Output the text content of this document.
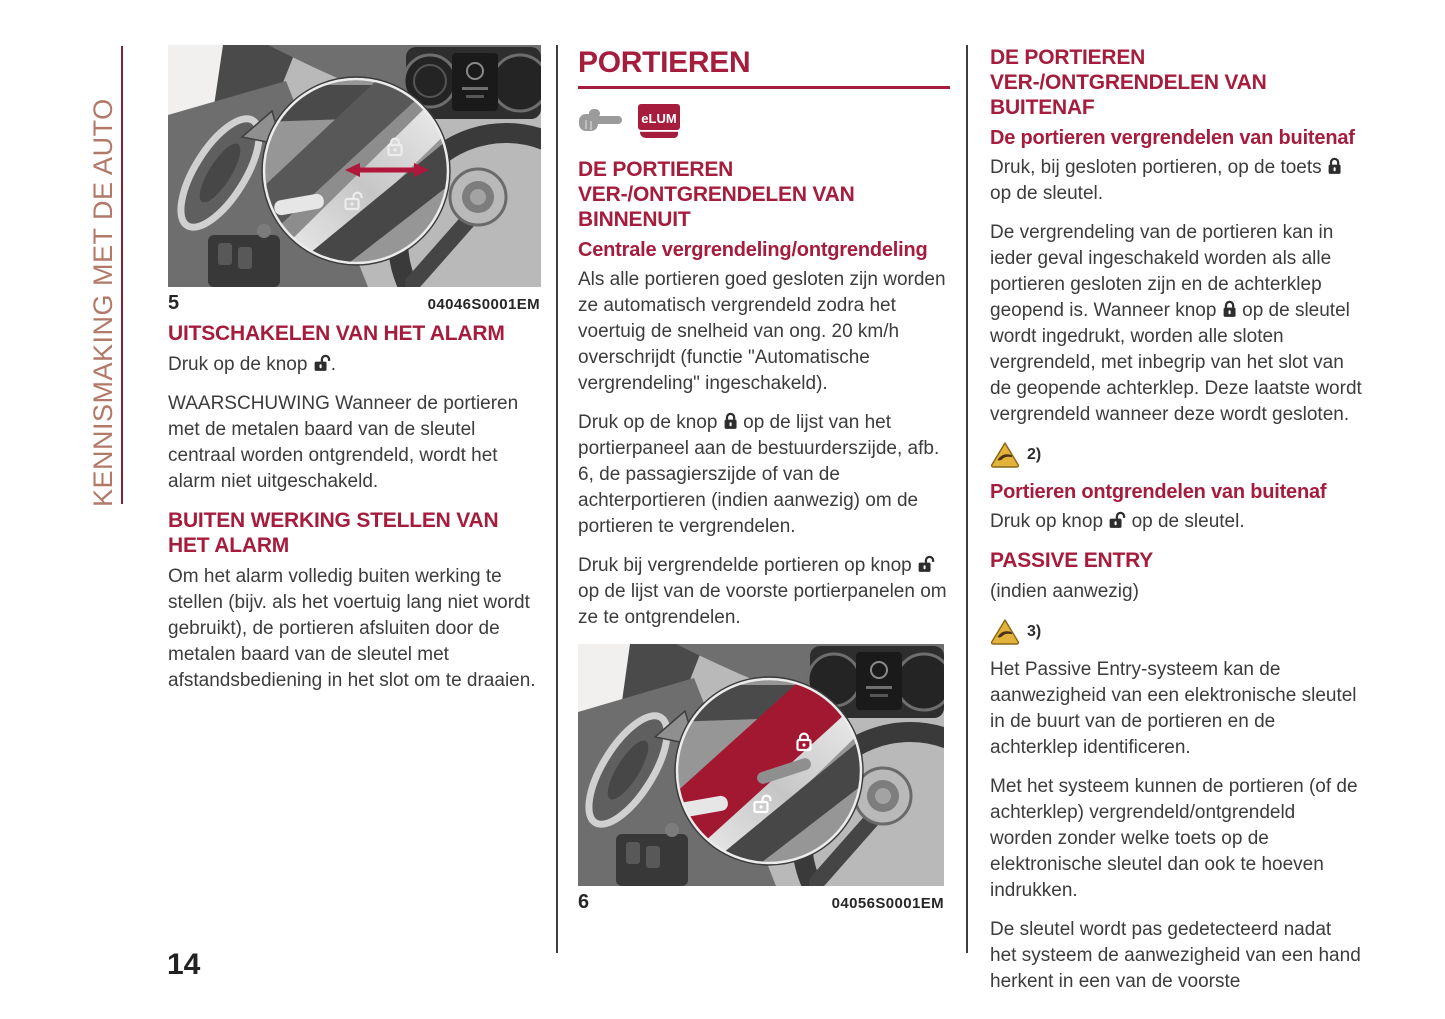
KENNISMAKING MET DE AUTO	5	04046S0001EM
UITSCHAKELEN VAN HET ALARM

Druk op de knop .

WAARSCHUWING Wanneer de portieren met de metalen baard van de sleutel centraal worden ontgrendeld, wordt het alarm niet uitgeschakeld.

BUITEN WERKING STELLEN VAN HET ALARM

Om het alarm volledig buiten werking te stellen (bijv. als het voertuig lang niet wordt gebruikt), de portieren afsluiten door de metalen baard van de sleutel met afstandsbediening in het slot om te draaien.

PORTIEREN
eLUM
DE PORTIEREN VER-/ONTGRENDELEN VAN BINNENUIT
Centrale vergrendeling/ontgrendeling

Als alle portieren goed gesloten zijn worden ze automatisch vergrendeld zodra het voertuig de snelheid van ong. 20 km/h overschrijdt (functie "Automatische vergrendeling" ingeschakeld).

Druk op de knop  op de lijst van het portierpaneel aan de bestuurderszijde, afb. 6, de passagierszijde of van de achterportieren (indien aanwezig) om de portieren te vergrendelen.

Druk bij vergrendelde portieren op knop  op de lijst van de voorste portierpanelen om ze te ontgrendelen.

6	04056S0001EM
DE PORTIEREN VER-/ONTGRENDELEN VAN BUITENAF
De portieren vergrendelen van buitenaf

Druk, bij gesloten portieren, op de toets  op de sleutel.

De vergrendeling van de portieren kan in ieder geval ingeschakeld worden als alle portieren gesloten zijn en de achterklep geopend is. Wanneer knop  op de sleutel wordt ingedrukt, worden alle sloten vergrendeld, met inbegrip van het slot van de geopende achterklep. Deze laatste wordt vergrendeld wanneer deze wordt gesloten.

2)
Portieren ontgrendelen van buitenaf

Druk op knop  op de sleutel.

PASSIVE ENTRY

(indien aanwezig)

3)

Het Passive Entry-systeem kan de aanwezigheid van een elektronische sleutel in de buurt van de portieren en de achterklep identificeren.

Met het systeem kunnen de portieren (of de achterklep) vergrendeld/ontgrendeld worden zonder welke toets op de elektronische sleutel dan ook te hoeven indrukken.

De sleutel wordt pas gedetecteerd nadat het systeem de aanwezigheid van een hand herkent in een van de voorste

14
